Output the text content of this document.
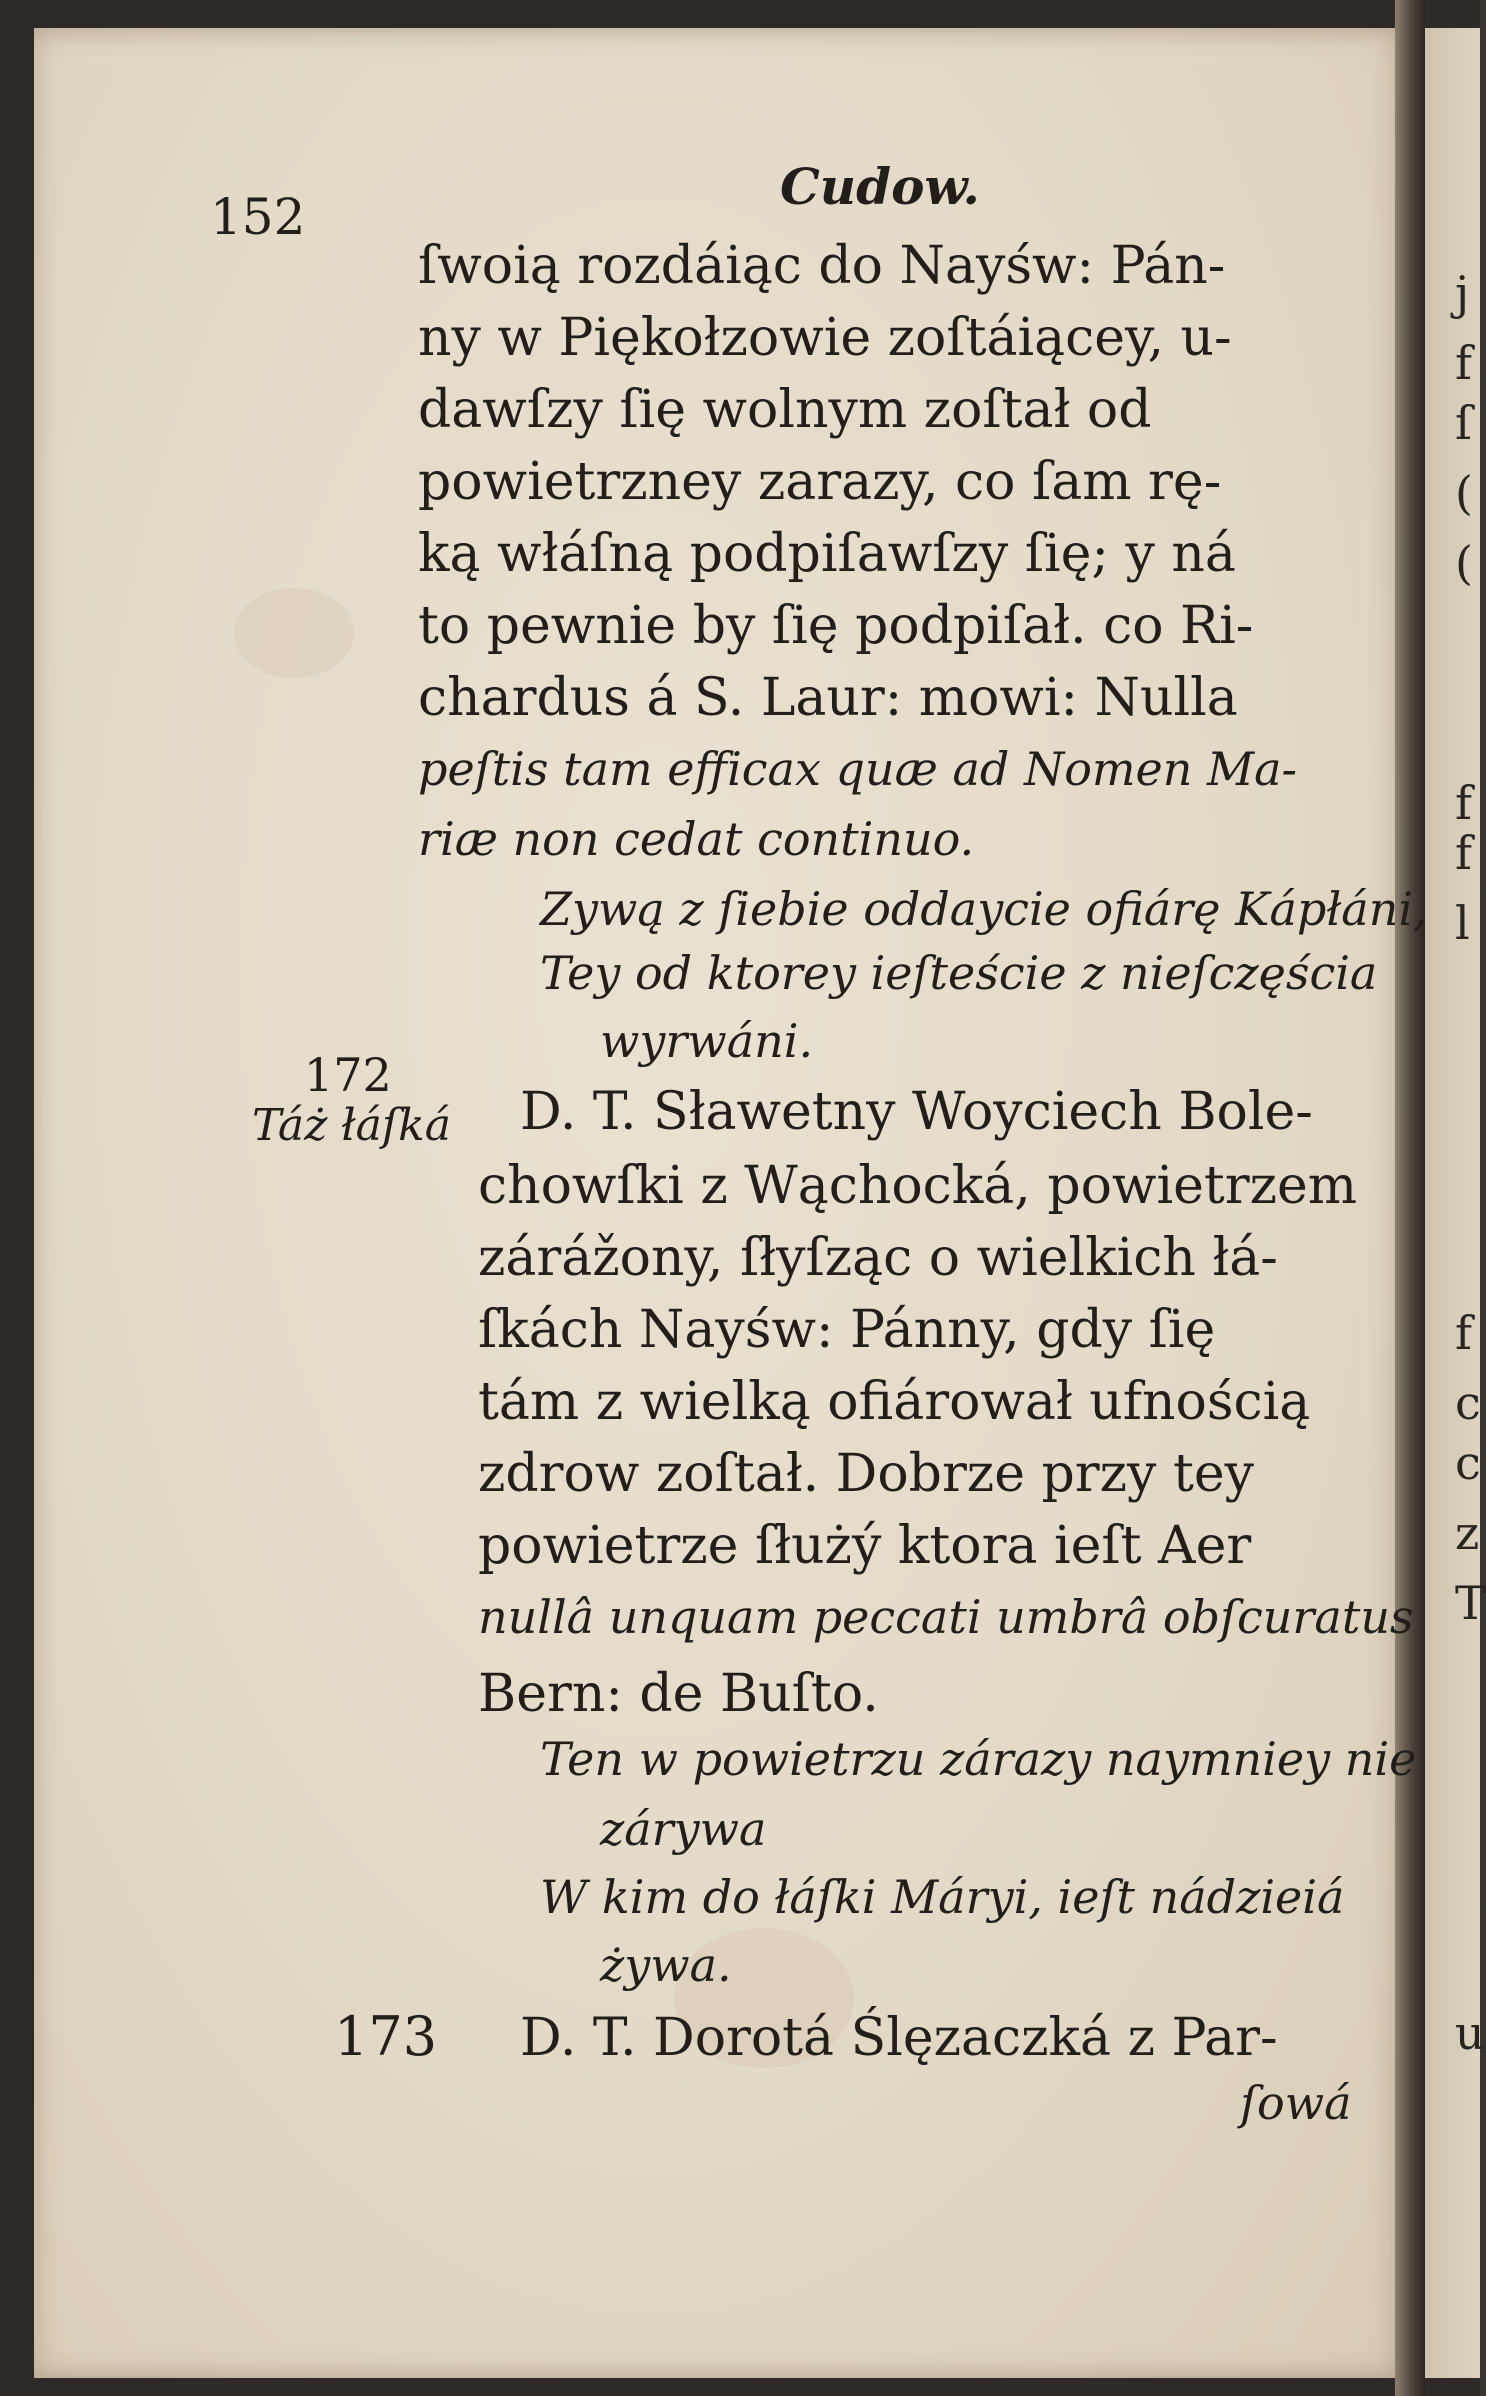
152
Cudow.
172
Táż łáſká
173
ſwoią rozdáiąc do Nayśw: Pán-
ny w Piękołzowie zoſtáiącey, u-
dawſzy ſię wolnym zoſtał od
powietrzney zarazy, co ſam rę-
ką włáſną podpiſawſzy ſię; y ná
to pewnie by ſię podpiſał. co Ri-
chardus á S. Laur: mowi: Nulla
peſtis tam efficax quæ ad Nomen Ma-
riæ non cedat continuo.
Zywą z ſiebie oddaycie ofiárę Kápłáni,
Tey od ktorey ieſteście z nieſczęścia
wyrwáni.
D. T. Sławetny Woyciech Bole-
chowſki z Wąchocká, powietrzem
zárážony, ſłyſząc o wielkich łá-
ſkách Nayśw: Pánny, gdy ſię
tám z wielką ofiárował ufnością
zdrow zoſtał. Dobrze przy tey
powietrze ſłużý ktora ieſt Aer
nullâ unquam peccati umbrâ obſcuratus
Bern: de Buſto.
Ten w powietrzu zárazy naymniey nie
zárywa
W kim do łáſki Máryi, ieſt nádzieiá
żywa.
D. T. Dorotá Ślęzaczká z Par-
ſowá
j
f
ſ
(
(
f
f
l
f
c
c
z
T
u
